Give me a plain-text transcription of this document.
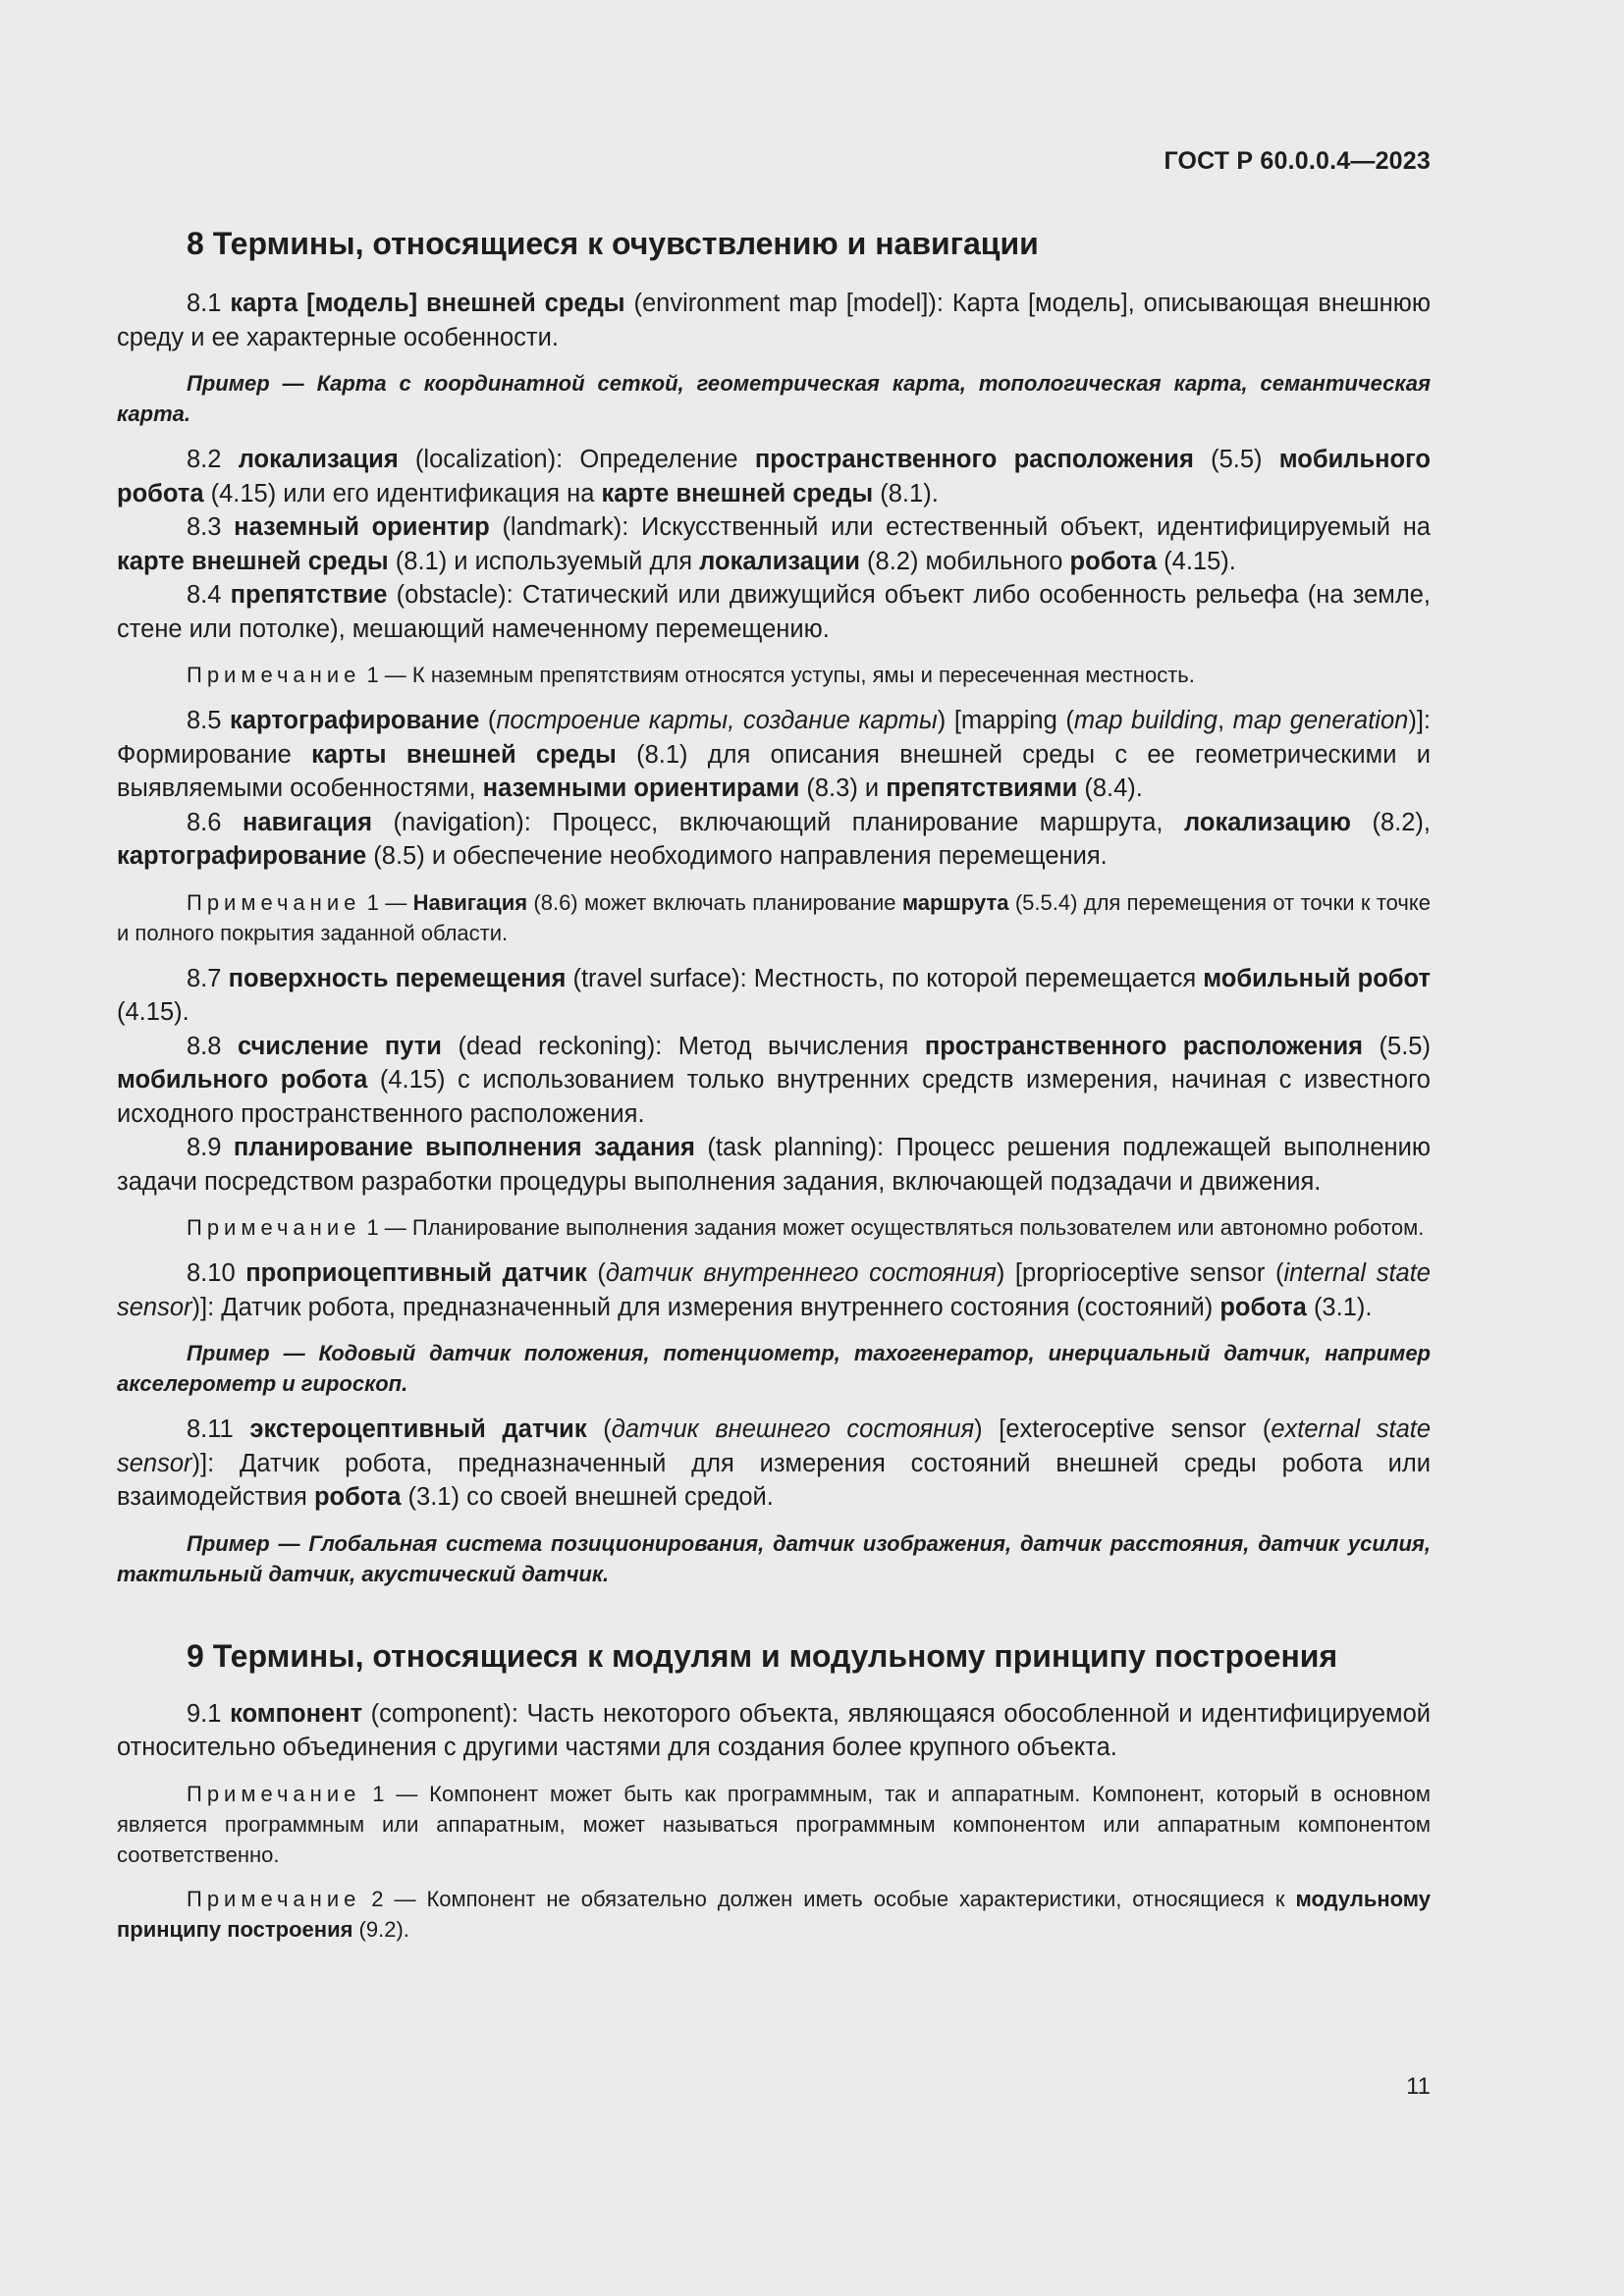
ГОСТ Р 60.0.0.4—2023
8 Термины, относящиеся к очувствлению и навигации

8.1 карта [модель] внешней среды (environment map [model]): Карта [модель], описывающая внешнюю среду и ее характерные особенности.

Пример — Карта с координатной сеткой, геометрическая карта, топологическая карта, семантическая карта.

8.2 локализация (localization): Определение пространственного расположения (5.5) мобильного робота (4.15) или его идентификация на карте внешней среды (8.1).

8.3 наземный ориентир (landmark): Искусственный или естественный объект, идентифицируемый на карте внешней среды (8.1) и используемый для локализации (8.2) мобильного робота (4.15).

8.4 препятствие (obstacle): Статический или движущийся объект либо особенность рельефа (на земле, стене или потолке), мешающий намеченному перемещению.

Примечание 1 — К наземным препятствиям относятся уступы, ямы и пересеченная местность.

8.5 картографирование (построение карты, создание карты) [mapping (map building, map generation)]: Формирование карты внешней среды (8.1) для описания внешней среды с ее геометрическими и выявляемыми особенностями, наземными ориентирами (8.3) и препятствиями (8.4).

8.6 навигация (navigation): Процесс, включающий планирование маршрута, локализацию (8.2), картографирование (8.5) и обеспечение необходимого направления перемещения.

Примечание 1 — Навигация (8.6) может включать планирование маршрута (5.5.4) для перемещения от точки к точке и полного покрытия заданной области.

8.7 поверхность перемещения (travel surface): Местность, по которой перемещается мобильный робот (4.15).

8.8 счисление пути (dead reckoning): Метод вычисления пространственного расположения (5.5) мобильного робота (4.15) с использованием только внутренних средств измерения, начиная с известного исходного пространственного расположения.

8.9 планирование выполнения задания (task planning): Процесс решения подлежащей выполнению задачи посредством разработки процедуры выполнения задания, включающей подзадачи и движения.

Примечание 1 — Планирование выполнения задания может осуществляться пользователем или автономно роботом.

8.10 проприоцептивный датчик (датчик внутреннего состояния) [proprioceptive sensor (internal state sensor)]: Датчик робота, предназначенный для измерения внутреннего состояния (состояний) робота (3.1).

Пример — Кодовый датчик положения, потенциометр, тахогенератор, инерциальный датчик, например акселерометр и гироскоп.

8.11 экстероцептивный датчик (датчик внешнего состояния) [exteroceptive sensor (external state sensor)]: Датчик робота, предназначенный для измерения состояний внешней среды робота или взаимодействия робота (3.1) со своей внешней средой.

Пример — Глобальная система позиционирования, датчик изображения, датчик расстояния, датчик усилия, тактильный датчик, акустический датчик.

9 Термины, относящиеся к модулям и модульному принципу построения

9.1 компонент (component): Часть некоторого объекта, являющаяся обособленной и идентифицируемой относительно объединения с другими частями для создания более крупного объекта.

Примечание 1 — Компонент может быть как программным, так и аппаратным. Компонент, который в основном является программным или аппаратным, может называться программным компонентом или аппаратным компонентом соответственно.

Примечание 2 — Компонент не обязательно должен иметь особые характеристики, относящиеся к модульному принципу построения (9.2).

11
